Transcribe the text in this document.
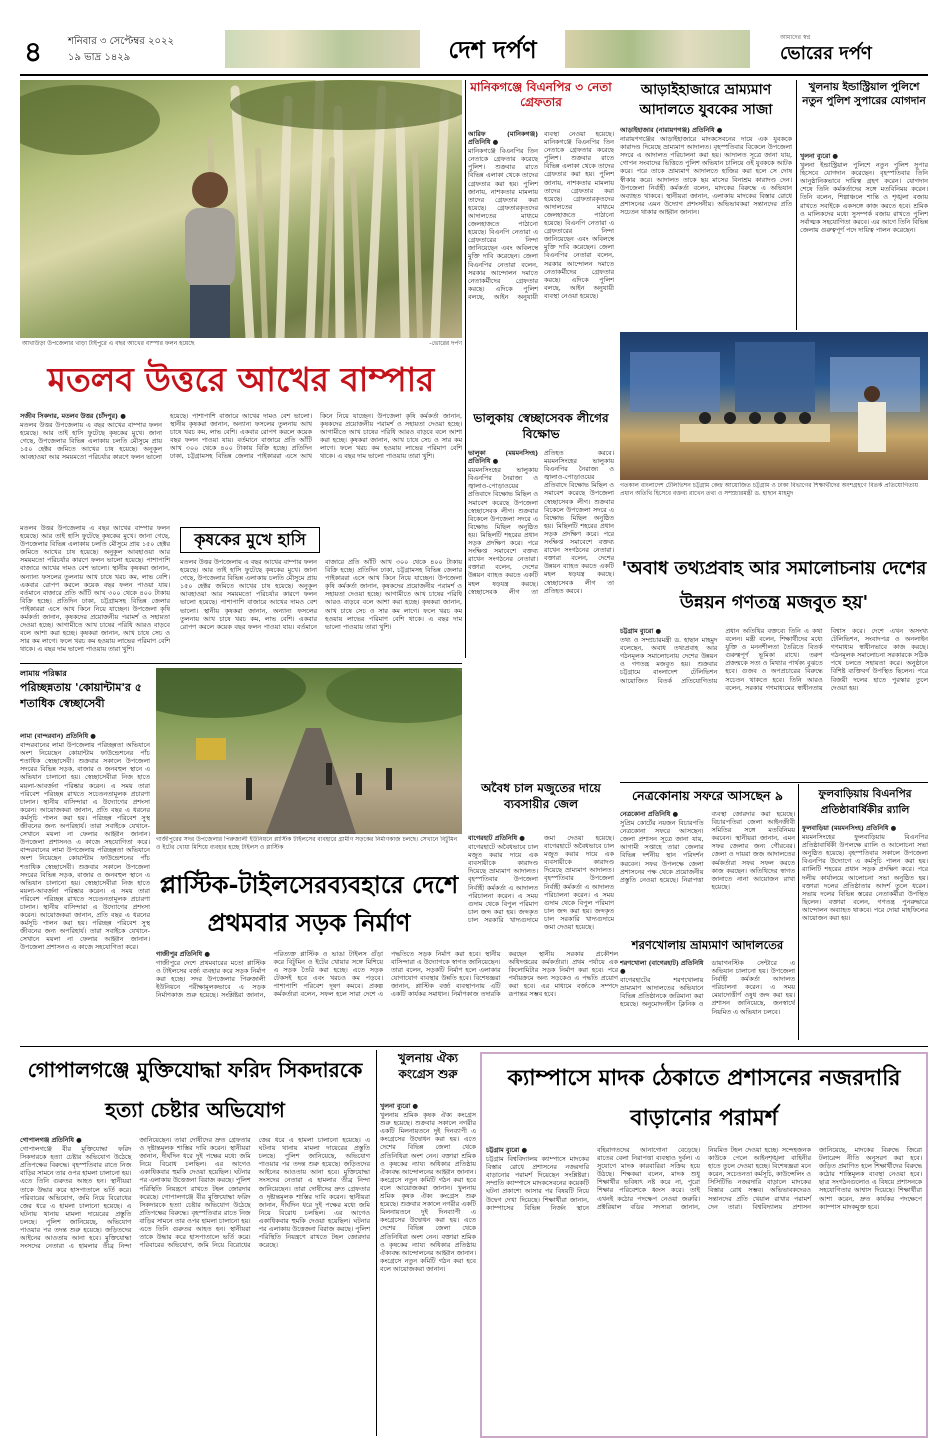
৪	শনিবার ৩ সেপ্টেম্বর ২০২২
১৯ ভাদ্র ১৪২৯	দেশ দর্পণ	আমাদের স্বপ্ন
ভোরের দর্পণ
আখাউড়া উপজেলার খাড়া টাইপুরে এ বছর আখের বাম্পার ফলন হয়েছে	-ভোরের দর্পণ
মতলব উত্তরে আখের বাম্পার
সজীব সিকদার, মতলব উত্তর (চাঁদপুর) ●
মতলব উত্তর উপজেলায় এ বছর আখের বাম্পার ফলন হয়েছে। আর তাই হাসি ফুটেছে কৃষকের মুখে। জানা গেছে, উপজেলার বিভিন্ন এলাকায় চলতি মৌসুমে প্রায় ১৫০ হেক্টর জমিতে আখের চাষ হয়েছে। অনুকূল আবহাওয়া আর সময়মতো পরিচর্যার কারণে ফলন ভালো হয়েছে। পাশাপাশি বাজারে আখের দামও বেশ ভালো। স্থানীয় কৃষকরা জানান, অন্যান্য ফসলের তুলনায় আখ চাষে খরচ কম, লাভ বেশি। একবার রোপণ করলে কয়েক বছর ফলন পাওয়া যায়। বর্তমানে বাজারে প্রতি আঁটি আখ ৩০০ থেকে ৪০০ টাকায় বিক্রি হচ্ছে। প্রতিদিন ঢাকা, চট্টগ্রামসহ বিভিন্ন জেলার পাইকাররা এসে আখ কিনে নিয়ে যাচ্ছেন। উপজেলা কৃষি কর্মকর্তা জানান, কৃষকদের প্রয়োজনীয় পরামর্শ ও সহায়তা দেওয়া হচ্ছে। আগামীতে আখ চাষের পরিধি আরও বাড়বে বলে আশা করা হচ্ছে। কৃষকরা জানান, আখ চাষে সেচ ও সার কম লাগে। ফলে খরচ কম হওয়ায় লাভের পরিমাণ বেশি থাকে। এ বছর দাম ভালো পাওয়ায় তারা খুশি।
মতলব উত্তর উপজেলায় এ বছর আখের বাম্পার ফলন হয়েছে। আর তাই হাসি ফুটেছে কৃষকের মুখে। জানা গেছে, উপজেলার বিভিন্ন এলাকায় চলতি মৌসুমে প্রায় ১৫০ হেক্টর জমিতে আখের চাষ হয়েছে। অনুকূল আবহাওয়া আর সময়মতো পরিচর্যার কারণে ফলন ভালো হয়েছে। পাশাপাশি বাজারে আখের দামও বেশ ভালো। স্থানীয় কৃষকরা জানান, অন্যান্য ফসলের তুলনায় আখ চাষে খরচ কম, লাভ বেশি। একবার রোপণ করলে কয়েক বছর ফলন পাওয়া যায়। বর্তমানে বাজারে প্রতি আঁটি আখ ৩০০ থেকে ৪০০ টাকায় বিক্রি হচ্ছে। প্রতিদিন ঢাকা, চট্টগ্রামসহ বিভিন্ন জেলার পাইকাররা এসে আখ কিনে নিয়ে যাচ্ছেন। উপজেলা কৃষি কর্মকর্তা জানান, কৃষকদের প্রয়োজনীয় পরামর্শ ও সহায়তা দেওয়া হচ্ছে। আগামীতে আখ চাষের পরিধি আরও বাড়বে বলে আশা করা হচ্ছে। কৃষকরা জানান, আখ চাষে সেচ ও সার কম লাগে। ফলে খরচ কম হওয়ায় লাভের পরিমাণ বেশি থাকে। এ বছর দাম ভালো পাওয়ায় তারা খুশি।
কৃষকের মুখে হাসি
মতলব উত্তর উপজেলায় এ বছর আখের বাম্পার ফলন হয়েছে। আর তাই হাসি ফুটেছে কৃষকের মুখে। জানা গেছে, উপজেলার বিভিন্ন এলাকায় চলতি মৌসুমে প্রায় ১৫০ হেক্টর জমিতে আখের চাষ হয়েছে। অনুকূল আবহাওয়া আর সময়মতো পরিচর্যার কারণে ফলন ভালো হয়েছে। পাশাপাশি বাজারে আখের দামও বেশ ভালো। স্থানীয় কৃষকরা জানান, অন্যান্য ফসলের তুলনায় আখ চাষে খরচ কম, লাভ বেশি। একবার রোপণ করলে কয়েক বছর ফলন পাওয়া যায়। বর্তমানে বাজারে প্রতি আঁটি আখ ৩০০ থেকে ৪০০ টাকায় বিক্রি হচ্ছে। প্রতিদিন ঢাকা, চট্টগ্রামসহ বিভিন্ন জেলার পাইকাররা এসে আখ কিনে নিয়ে যাচ্ছেন। উপজেলা কৃষি কর্মকর্তা জানান, কৃষকদের প্রয়োজনীয় পরামর্শ ও সহায়তা দেওয়া হচ্ছে। আগামীতে আখ চাষের পরিধি আরও বাড়বে বলে আশা করা হচ্ছে। কৃষকরা জানান, আখ চাষে সেচ ও সার কম লাগে। ফলে খরচ কম হওয়ায় লাভের পরিমাণ বেশি থাকে। এ বছর দাম ভালো পাওয়ায় তারা খুশি।
মানিকগঞ্জে বিএনপির ৩ নেতা গ্রেফতার
আরিফ (মানিকগঞ্জ) প্রতিনিধি ●
মানিকগঞ্জে বিএনপির তিন নেতাকে গ্রেফতার করেছে পুলিশ। শুক্রবার রাতে বিভিন্ন এলাকা থেকে তাদের গ্রেফতার করা হয়। পুলিশ জানায়, নাশকতার মামলায় তাদের গ্রেফতার করা হয়েছে। গ্রেফতারকৃতদের আদালতের মাধ্যমে জেলহাজতে পাঠানো হয়েছে। বিএনপি নেতারা এ গ্রেফতারের নিন্দা জানিয়েছেন এবং অবিলম্বে মুক্তি দাবি করেছেন। জেলা বিএনপির নেতারা বলেন, সরকার আন্দোলন দমাতে নেতাকর্মীদের গ্রেফতার করছে। এদিকে পুলিশ বলছে, আইন অনুযায়ী ব্যবস্থা নেওয়া হয়েছে। মানিকগঞ্জে বিএনপির তিন নেতাকে গ্রেফতার করেছে পুলিশ। শুক্রবার রাতে বিভিন্ন এলাকা থেকে তাদের গ্রেফতার করা হয়। পুলিশ জানায়, নাশকতার মামলায় তাদের গ্রেফতার করা হয়েছে। গ্রেফতারকৃতদের আদালতের মাধ্যমে জেলহাজতে পাঠানো হয়েছে। বিএনপি নেতারা এ গ্রেফতারের নিন্দা জানিয়েছেন এবং অবিলম্বে মুক্তি দাবি করেছেন। জেলা বিএনপির নেতারা বলেন, সরকার আন্দোলন দমাতে নেতাকর্মীদের গ্রেফতার করছে। এদিকে পুলিশ বলছে, আইন অনুযায়ী ব্যবস্থা নেওয়া হয়েছে।
ভালুকায় স্বেচ্ছাসেবক লীগের বিক্ষোভ
ভালুকা (ময়মনসিংহ) প্রতিনিধি ●
ময়মনসিংহের ভালুকায় বিএনপির নৈরাজ্য ও জ্বালাও-পোড়াওয়ের প্রতিবাদে বিক্ষোভ মিছিল ও সমাবেশ করেছে উপজেলা স্বেচ্ছাসেবক লীগ। শুক্রবার বিকেলে উপজেলা সদরে এ বিক্ষোভ মিছিল অনুষ্ঠিত হয়। মিছিলটি শহরের প্রধান সড়ক প্রদক্ষিণ করে। পরে সংক্ষিপ্ত সমাবেশে বক্তব্য রাখেন সংগঠনের নেতারা। বক্তারা বলেন, দেশের উন্নয়ন ব্যাহত করতে একটি মহল ষড়যন্ত্র করছে। স্বেচ্ছাসেবক লীগ তা প্রতিহত করবে। ময়মনসিংহের ভালুকায় বিএনপির নৈরাজ্য ও জ্বালাও-পোড়াওয়ের প্রতিবাদে বিক্ষোভ মিছিল ও সমাবেশ করেছে উপজেলা স্বেচ্ছাসেবক লীগ। শুক্রবার বিকেলে উপজেলা সদরে এ বিক্ষোভ মিছিল অনুষ্ঠিত হয়। মিছিলটি শহরের প্রধান সড়ক প্রদক্ষিণ করে। পরে সংক্ষিপ্ত সমাবেশে বক্তব্য রাখেন সংগঠনের নেতারা। বক্তারা বলেন, দেশের উন্নয়ন ব্যাহত করতে একটি মহল ষড়যন্ত্র করছে। স্বেচ্ছাসেবক লীগ তা প্রতিহত করবে।
অবৈধ চাল মজুতের দায়ে ব্যবসায়ীর জেল
বাগেরহাট প্রতিনিধি ●
বাগেরহাটে অবৈধভাবে চাল মজুত করার দায়ে এক ব্যবসায়ীকে কারাদণ্ড দিয়েছে ভ্রাম্যমাণ আদালত। বৃহস্পতিবার উপজেলা নির্বাহী কর্মকর্তা এ আদালত পরিচালনা করেন। এ সময় গুদাম থেকে বিপুল পরিমাণ চাল জব্দ করা হয়। জব্দকৃত চাল সরকারি খাদ্যগুদামে জমা দেওয়া হয়েছে। বাগেরহাটে অবৈধভাবে চাল মজুত করার দায়ে এক ব্যবসায়ীকে কারাদণ্ড দিয়েছে ভ্রাম্যমাণ আদালত। বৃহস্পতিবার উপজেলা নির্বাহী কর্মকর্তা এ আদালত পরিচালনা করেন। এ সময় গুদাম থেকে বিপুল পরিমাণ চাল জব্দ করা হয়। জব্দকৃত চাল সরকারি খাদ্যগুদামে জমা দেওয়া হয়েছে।
আড়াইহাজারে ভ্রাম্যমাণ আদালতে যুবকের সাজা
আড়াইহাজার (নারায়ণগঞ্জ) প্রতিনিধি ●
নারায়ণগঞ্জের আড়াইহাজারে মাদকসেবনের দায়ে এক যুবককে কারাদণ্ড দিয়েছে ভ্রাম্যমাণ আদালত। বৃহস্পতিবার বিকেলে উপজেলা সদরে এ আদালত পরিচালনা করা হয়। আদালত সূত্রে জানা যায়, গোপন সংবাদের ভিত্তিতে পুলিশ অভিযান চালিয়ে ওই যুবককে আটক করে। পরে তাকে ভ্রাম্যমাণ আদালতে হাজির করা হলে সে দোষ স্বীকার করে। আদালত তাকে ছয় মাসের বিনাশ্রম কারাদণ্ড দেন। উপজেলা নির্বাহী কর্মকর্তা বলেন, মাদকের বিরুদ্ধে এ অভিযান অব্যাহত থাকবে। স্থানীয়রা জানান, এলাকায় মাদকের বিস্তার রোধে প্রশাসনের এমন উদ্যোগ প্রশংসনীয়। অভিভাবকরা সন্তানদের প্রতি সচেতন থাকার আহ্বান জানান।
খুলনায় ইন্ডাস্ট্রিয়াল পুলিশে নতুন পুলিশ সুপারের যোগদান
খুলনা ব্যুরো ●
খুলনা ইন্ডাস্ট্রিয়াল পুলিশে নতুন পুলিশ সুপার হিসেবে যোগদান করেছেন। বৃহস্পতিবার তিনি আনুষ্ঠানিকভাবে দায়িত্ব গ্রহণ করেন। যোগদান শেষে তিনি কর্মকর্তাদের সঙ্গে মতবিনিময় করেন। তিনি বলেন, শিল্পাঞ্চলে শান্তি ও শৃঙ্খলা বজায় রাখতে সবাইকে একসঙ্গে কাজ করতে হবে। শ্রমিক ও মালিকদের মধ্যে সুসম্পর্ক বজায় রাখতে পুলিশ সর্বাত্মক সহযোগিতা করবে। এর আগে তিনি বিভিন্ন জেলায় গুরুত্বপূর্ণ পদে দায়িত্ব পালন করেছেন।
গতকাল বাংলাদেশ টেলিভিশন চট্টগ্রাম কেন্দ্র আয়োজিত চট্টগ্রাম ও ঢাকা বিভাগের শিক্ষার্থীদের অংশগ্রহণে বিতর্ক প্রতিযোগিতায় প্রধান অতিথি হিসেবে বক্তব্য রাখেন তথ্য ও সম্প্রচারমন্ত্রী ড. হাছান মাহমুদ
'অবাধ তথ্যপ্রবাহ আর সমালোচনায় দেশের উন্নয়ন গণতন্ত্র মজবুত হয়'
চট্টগ্রাম ব্যুরো ●
তথ্য ও সম্প্রচারমন্ত্রী ড. হাছান মাহমুদ বলেছেন, অবাধ তথ্যপ্রবাহ আর গঠনমূলক সমালোচনায় দেশের উন্নয়ন ও গণতন্ত্র মজবুত হয়। শুক্রবার চট্টগ্রামে বাংলাদেশ টেলিভিশন আয়োজিত বিতর্ক প্রতিযোগিতায় প্রধান অতিথির বক্তব্যে তিনি এ কথা বলেন। মন্ত্রী বলেন, শিক্ষার্থীদের মধ্যে যুক্তি ও মননশীলতা তৈরিতে বিতর্ক গুরুত্বপূর্ণ ভূমিকা রাখে। তরুণ প্রজন্মকে সত্য ও মিথ্যার পার্থক্য বুঝতে হবে। গুজব ও অপপ্রচারের বিরুদ্ধে সচেতন থাকতে হবে। তিনি আরও বলেন, সরকার গণমাধ্যমের স্বাধীনতায় বিশ্বাস করে। দেশে এখন অসংখ্য টেলিভিশন, সংবাদপত্র ও অনলাইন গণমাধ্যম স্বাধীনভাবে কাজ করছে। গঠনমূলক সমালোচনা সরকারকে সঠিক পথে চলতে সহায়তা করে। অনুষ্ঠানে বিশিষ্ট ব্যক্তিবর্গ উপস্থিত ছিলেন। পরে বিজয়ী দলের হাতে পুরস্কার তুলে দেওয়া হয়।
নেত্রকোনায় সফরে আসছেন ৯
নেত্রকোনা প্রতিনিধি ●
সুপ্রিম কোর্টের নয়জন বিচারপতি নেত্রকোনা সফরে আসছেন। জেলা প্রশাসন সূত্রে জানা যায়, আগামী সপ্তাহে তারা জেলার বিভিন্ন দর্শনীয় স্থান পরিদর্শন করবেন। সফর উপলক্ষে জেলা প্রশাসনের পক্ষ থেকে প্রয়োজনীয় প্রস্তুতি নেওয়া হয়েছে। নিরাপত্তা ব্যবস্থা জোরদার করা হয়েছে। বিচারপতিরা জেলা আইনজীবী সমিতির সঙ্গে মতবিনিময় করবেন। স্থানীয়রা জানান, এমন সফর জেলার জন্য গৌরবের। জেলা ও দায়রা জজ আদালতের কর্মকর্তারা সফর সফল করতে কাজ করছেন। অতিথিদের স্বাগত জানাতে নানা আয়োজন রাখা হয়েছে।
শরণখোলায় ভ্রাম্যমাণ আদালতের
শরণখোলা (বাগেরহাট) প্রতিনিধি ●
বাগেরহাটের শরণখোলায় ভ্রাম্যমাণ আদালতের অভিযানে বিভিন্ন প্রতিষ্ঠানকে জরিমানা করা হয়েছে। অনুমোদনহীন ক্লিনিক ও ডায়াগনস্টিক সেন্টারে এ অভিযান চালানো হয়। উপজেলা নির্বাহী কর্মকর্তা আদালত পরিচালনা করেন। এ সময় মেয়াদোত্তীর্ণ ওষুধ জব্দ করা হয়। প্রশাসন জানিয়েছে, জনস্বার্থে নিয়মিত এ অভিযান চলবে।
ফুলবাড়িয়ায় বিএনপির প্রতিষ্ঠাবার্ষিকীর র‍্যালি
ফুলবাড়িয়া (ময়মনসিংহ) প্রতিনিধি ●
ময়মনসিংহের ফুলবাড়িয়ায় বিএনপির প্রতিষ্ঠাবার্ষিকী উপলক্ষে র‍্যালি ও আলোচনা সভা অনুষ্ঠিত হয়েছে। বৃহস্পতিবার সকালে উপজেলা বিএনপির উদ্যোগে এ কর্মসূচি পালন করা হয়। র‍্যালিটি শহরের প্রধান সড়ক প্রদক্ষিণ করে। পরে দলীয় কার্যালয়ে আলোচনা সভা অনুষ্ঠিত হয়। বক্তারা দলের প্রতিষ্ঠাতার আদর্শ তুলে ধরেন। সভায় দলের বিভিন্ন স্তরের নেতাকর্মীরা উপস্থিত ছিলেন। বক্তারা বলেন, গণতন্ত্র পুনরুদ্ধারে আন্দোলন অব্যাহত থাকবে। পরে দোয়া মাহফিলের আয়োজন করা হয়।
লামায় পরিষ্কার
পরিচ্ছন্নতায় 'কোয়ান্টাম'র ৫ শতাধিক স্বেচ্ছাসেবী
লামা (বান্দরবান) প্রতিনিধি ●
বান্দরবানের লামা উপজেলায় পরিচ্ছন্নতা অভিযানে অংশ নিয়েছেন কোয়ান্টাম ফাউন্ডেশনের পাঁচ শতাধিক স্বেচ্ছাসেবী। শুক্রবার সকালে উপজেলা সদরের বিভিন্ন সড়ক, বাজার ও জনবহুল স্থানে এ অভিযান চালানো হয়। স্বেচ্ছাসেবীরা নিজ হাতে ময়লা-আবর্জনা পরিষ্কার করেন। এ সময় তারা পরিবেশ পরিচ্ছন্ন রাখতে সচেতনতামূলক প্রচারণা চালান। স্থানীয় বাসিন্দারা এ উদ্যোগের প্রশংসা করেন। আয়োজকরা জানান, প্রতি বছর এ ধরনের কর্মসূচি পালন করা হয়। পরিচ্ছন্ন পরিবেশ সুস্থ জীবনের জন্য অপরিহার্য। তারা সবাইকে যেখানে-সেখানে ময়লা না ফেলার আহ্বান জানান। উপজেলা প্রশাসনও এ কাজে সহযোগিতা করে। বান্দরবানের লামা উপজেলায় পরিচ্ছন্নতা অভিযানে অংশ নিয়েছেন কোয়ান্টাম ফাউন্ডেশনের পাঁচ শতাধিক স্বেচ্ছাসেবী। শুক্রবার সকালে উপজেলা সদরের বিভিন্ন সড়ক, বাজার ও জনবহুল স্থানে এ অভিযান চালানো হয়। স্বেচ্ছাসেবীরা নিজ হাতে ময়লা-আবর্জনা পরিষ্কার করেন। এ সময় তারা পরিবেশ পরিচ্ছন্ন রাখতে সচেতনতামূলক প্রচারণা চালান। স্থানীয় বাসিন্দারা এ উদ্যোগের প্রশংসা করেন। আয়োজকরা জানান, প্রতি বছর এ ধরনের কর্মসূচি পালন করা হয়। পরিচ্ছন্ন পরিবেশ সুস্থ জীবনের জন্য অপরিহার্য। তারা সবাইকে যেখানে-সেখানে ময়লা না ফেলার আহ্বান জানান। উপজেলা প্রশাসনও এ কাজে সহযোগিতা করে।
গাজীপুরের সদর উপজেলার পিরুজালী ইউনিয়নে প্লাস্টিক টাইলসের ব্যবহারে গ্রামীণ সড়কের নির্মাণকাজ চলছে। সেখানে বিটুমিন ও ইটের খোয়া মিশিয়ে ব্যবহার হচ্ছে টাইলস ও প্লাস্টিক
প্লাস্টিক-টাইলসেরব্যবহারে দেশে প্রথমবার সড়ক নির্মাণ
গাজীপুর প্রতিনিধি ●
গাজীপুরে দেশে প্রথমবারের মতো প্লাস্টিক ও টাইলসের বর্জ্য ব্যবহার করে সড়ক নির্মাণ করা হচ্ছে। সদর উপজেলার পিরুজালী ইউনিয়নে পরীক্ষামূলকভাবে এ সড়ক নির্মাণকাজ শুরু হয়েছে। সংশ্লিষ্টরা জানান, পরিত্যক্ত প্লাস্টিক ও ভাঙা টাইলস গুঁড়া করে বিটুমিন ও ইটের খোয়ার সঙ্গে মিশিয়ে এ সড়ক তৈরি করা হচ্ছে। এতে সড়ক টেকসই হবে এবং খরচও কম পড়বে। পাশাপাশি পরিবেশ দূষণ কমবে। প্রকল্প কর্মকর্তারা বলেন, সফল হলে সারা দেশে এ পদ্ধতিতে সড়ক নির্মাণ করা হবে। স্থানীয় বাসিন্দারা এ উদ্যোগকে স্বাগত জানিয়েছেন। তারা বলেন, সড়কটি নির্মাণ হলে এলাকার যোগাযোগ ব্যবস্থার উন্নতি হবে। বিশেষজ্ঞরা জানান, প্লাস্টিক বর্জ্য ব্যবস্থাপনায় এটি একটি কার্যকর সমাধান। নির্মাণকাজ তদারকি করছেন স্থানীয় সরকার প্রকৌশল অধিদপ্তরের কর্মকর্তারা। প্রথম পর্যায়ে এক কিলোমিটার সড়ক নির্মাণ করা হবে। পরে পর্যায়ক্রমে অন্য সড়কেও এ পদ্ধতি প্রয়োগ করা হবে। এর মাধ্যমে বর্জ্যকে সম্পদে রূপান্তর সম্ভব হবে।
গোপালগঞ্জে মুক্তিযোদ্ধা ফরিদ সিকদারকে হত্যা চেষ্টার অভিযোগ
গোপালগঞ্জ প্রতিনিধি ●
গোপালগঞ্জে বীর মুক্তিযোদ্ধা ফরিদ সিকদারকে হত্যা চেষ্টার অভিযোগ উঠেছে প্রতিপক্ষের বিরুদ্ধে। বৃহস্পতিবার রাতে নিজ বাড়ির সামনে তার ওপর হামলা চালানো হয়। এতে তিনি গুরুতর আহত হন। স্থানীয়রা তাকে উদ্ধার করে হাসপাতালে ভর্তি করে। পরিবারের অভিযোগ, জমি নিয়ে বিরোধের জের ধরে এ হামলা চালানো হয়েছে। এ ঘটনায় থানায় মামলা দায়েরের প্রস্তুতি চলছে। পুলিশ জানিয়েছে, অভিযোগ পাওয়ার পর তদন্ত শুরু হয়েছে। জড়িতদের আইনের আওতায় আনা হবে। মুক্তিযোদ্ধা সংসদের নেতারা এ হামলার তীব্র নিন্দা জানিয়েছেন। তারা দোষীদের দ্রুত গ্রেফতার ও দৃষ্টান্তমূলক শাস্তির দাবি করেন। স্থানীয়রা জানান, দীর্ঘদিন ধরে দুই পক্ষের মধ্যে জমি নিয়ে বিরোধ চলছিল। এর আগেও একাধিকবার হুমকি দেওয়া হয়েছিল। ঘটনার পর এলাকায় উত্তেজনা বিরাজ করছে। পুলিশ পরিস্থিতি নিয়ন্ত্রণে রাখতে টহল জোরদার করেছে। গোপালগঞ্জে বীর মুক্তিযোদ্ধা ফরিদ সিকদারকে হত্যা চেষ্টার অভিযোগ উঠেছে প্রতিপক্ষের বিরুদ্ধে। বৃহস্পতিবার রাতে নিজ বাড়ির সামনে তার ওপর হামলা চালানো হয়। এতে তিনি গুরুতর আহত হন। স্থানীয়রা তাকে উদ্ধার করে হাসপাতালে ভর্তি করে। পরিবারের অভিযোগ, জমি নিয়ে বিরোধের জের ধরে এ হামলা চালানো হয়েছে। এ ঘটনায় থানায় মামলা দায়েরের প্রস্তুতি চলছে। পুলিশ জানিয়েছে, অভিযোগ পাওয়ার পর তদন্ত শুরু হয়েছে। জড়িতদের আইনের আওতায় আনা হবে। মুক্তিযোদ্ধা সংসদের নেতারা এ হামলার তীব্র নিন্দা জানিয়েছেন। তারা দোষীদের দ্রুত গ্রেফতার ও দৃষ্টান্তমূলক শাস্তির দাবি করেন। স্থানীয়রা জানান, দীর্ঘদিন ধরে দুই পক্ষের মধ্যে জমি নিয়ে বিরোধ চলছিল। এর আগেও একাধিকবার হুমকি দেওয়া হয়েছিল। ঘটনার পর এলাকায় উত্তেজনা বিরাজ করছে। পুলিশ পরিস্থিতি নিয়ন্ত্রণে রাখতে টহল জোরদার করেছে।
খুলনায় ঐক্য কংগ্রেস শুরু
খুলনা ব্যুরো ●
খুলনায় শ্রমিক কৃষক ঐক্য কংগ্রেস শুরু হয়েছে। শুক্রবার সকালে নগরীর একটি মিলনায়তনে দুই দিনব্যাপী এ কংগ্রেসের উদ্বোধন করা হয়। এতে দেশের বিভিন্ন জেলা থেকে প্রতিনিধিরা অংশ নেন। বক্তারা শ্রমিক ও কৃষকের ন্যায্য অধিকার প্রতিষ্ঠায় ঐক্যবদ্ধ আন্দোলনের আহ্বান জানান। কংগ্রেসে নতুন কমিটি গঠন করা হবে বলে আয়োজকরা জানান। খুলনায় শ্রমিক কৃষক ঐক্য কংগ্রেস শুরু হয়েছে। শুক্রবার সকালে নগরীর একটি মিলনায়তনে দুই দিনব্যাপী এ কংগ্রেসের উদ্বোধন করা হয়। এতে দেশের বিভিন্ন জেলা থেকে প্রতিনিধিরা অংশ নেন। বক্তারা শ্রমিক ও কৃষকের ন্যায্য অধিকার প্রতিষ্ঠায় ঐক্যবদ্ধ আন্দোলনের আহ্বান জানান। কংগ্রেসে নতুন কমিটি গঠন করা হবে বলে আয়োজকরা জানান।
ক্যাম্পাসে মাদক ঠেকাতে প্রশাসনের নজরদারি বাড়ানোর পরামর্শ
চট্টগ্রাম ব্যুরো ●
চট্টগ্রাম বিশ্ববিদ্যালয় ক্যাম্পাসে মাদকের বিস্তার রোধে প্রশাসনের নজরদারি বাড়ানোর পরামর্শ দিয়েছেন সংশ্লিষ্টরা। সম্প্রতি ক্যাম্পাসে মাদকসেবনের কয়েকটি ঘটনা প্রকাশ্যে আসার পর বিষয়টি নিয়ে উদ্বেগ দেখা দিয়েছে। শিক্ষার্থীরা জানান, ক্যাম্পাসের বিভিন্ন নির্জন স্থানে বহিরাগতদের আনাগোনা বেড়েছে। রাতের বেলা নিরাপত্তা ব্যবস্থাও দুর্বল। এ সুযোগে মাদক কারবারিরা সক্রিয় হয়ে উঠছে। শিক্ষকরা বলেন, মাদক শুধু শিক্ষার্থীর ভবিষ্যৎ নষ্ট করে না, পুরো শিক্ষার পরিবেশকে ধ্বংস করে। তাই এখনই কঠোর পদক্ষেপ নেওয়া জরুরি। প্রক্টরিয়াল বডির সদস্যরা জানান, নিয়মিত টহল দেওয়া হচ্ছে। সন্দেহজনক কাউকে পেলে আইনশৃঙ্খলা বাহিনীর হাতে তুলে দেওয়া হচ্ছে। বিশেষজ্ঞরা মনে করেন, সচেতনতা কর্মসূচি, কাউন্সেলিং ও সিসিটিভি নজরদারি বাড়ালে মাদকের বিস্তার রোধ সম্ভব। অভিভাবকদেরও সন্তানদের প্রতি খেয়াল রাখার পরামর্শ দেন তারা। বিশ্ববিদ্যালয় প্রশাসন জানিয়েছে, মাদকের বিরুদ্ধে জিরো টলারেন্স নীতি অনুসরণ করা হবে। জড়িত প্রমাণিত হলে শিক্ষার্থীদের বিরুদ্ধে কঠোর শাস্তিমূলক ব্যবস্থা নেওয়া হবে। ছাত্র সংগঠনগুলোও এ বিষয়ে প্রশাসনকে সহযোগিতার আশ্বাস দিয়েছে। শিক্ষার্থীরা আশা করেন, দ্রুত কার্যকর পদক্ষেপে ক্যাম্পাস মাদকমুক্ত হবে।
